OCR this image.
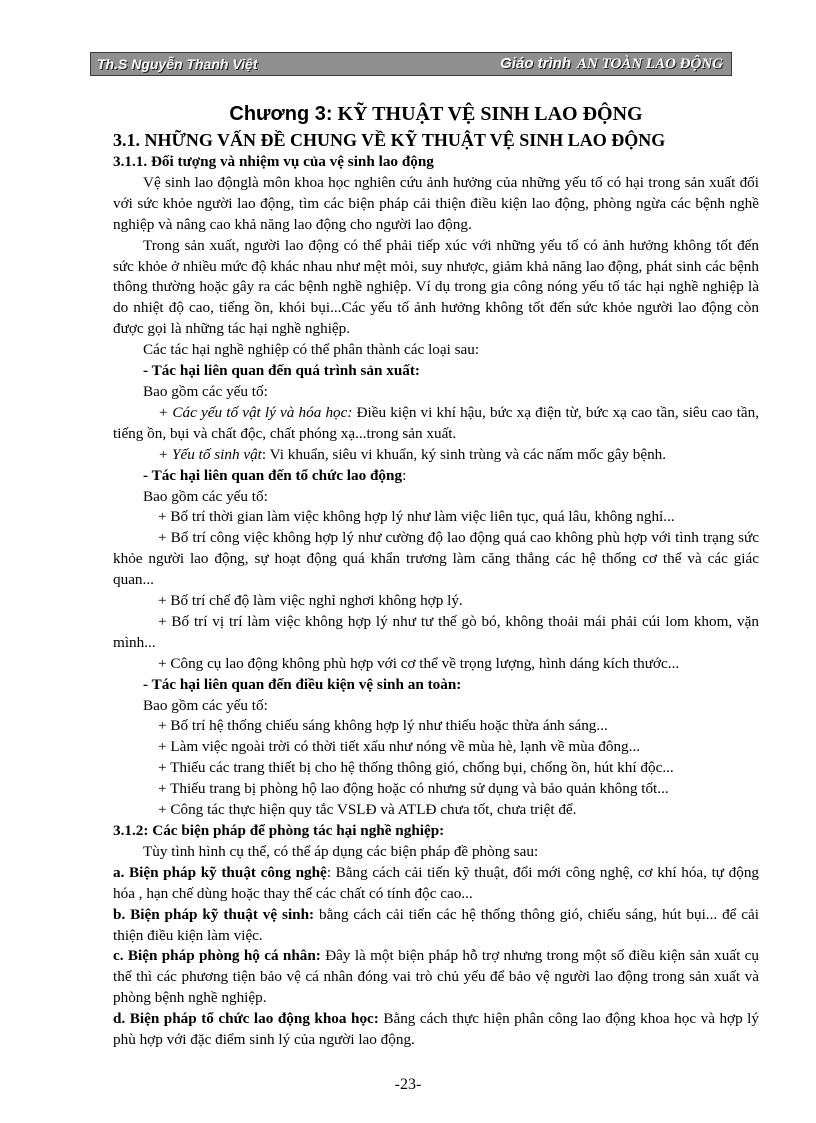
Th.S Nguyễn Thanh Việt	Giáo trình AN TOÀN LAO ĐỘNG
Chương 3: KỸ THUẬT VỆ SINH LAO ĐỘNG
3.1. NHỮNG VẤN ĐỀ CHUNG VỀ KỸ THUẬT VỆ SINH LAO ĐỘNG
3.1.1. Đối tượng và nhiệm vụ của vệ sinh lao động

Vệ sinh lao độnglà môn khoa học nghiên cứu ảnh hưởng của những yếu tố có hại trong sản xuất đối với sức khỏe người lao động, tìm các biện pháp cải thiện điều kiện lao động, phòng ngừa các bệnh nghề nghiệp và nâng cao khả năng lao động cho người lao động.

Trong sản xuất, người lao động có thể phải tiếp xúc với những yếu tố có ảnh hưởng không tốt đến sức khỏe ở nhiều mức độ khác nhau như mệt mỏi, suy nhược, giảm khả năng lao động, phát sinh các bệnh thông thường hoặc gây ra các bệnh nghề nghiệp. Ví dụ trong gia công nóng yếu tố tác hại nghề nghiệp là do nhiệt độ cao, tiếng ồn, khói bụi...Các yếu tố ảnh hưởng không tốt đến sức khỏe người lao động còn được gọi là những tác hại nghề nghiệp.

Các tác hại nghề nghiệp có thể phân thành các loại sau:

- Tác hại liên quan đến quá trình sản xuất:

Bao gồm các yếu tố:

+ Các yếu tố vật lý và hóa học: Điều kiện vi khí hậu, bức xạ điện từ, bức xạ cao tần, siêu cao tần, tiếng ồn, bụi và chất độc, chất phóng xạ...trong sản xuất.

+ Yếu tố sinh vật: Vi khuẩn, siêu vi khuẩn, ký sinh trùng và các nấm mốc gây bệnh.

- Tác hại liên quan đến tổ chức lao động:

Bao gồm các yếu tố:

+ Bố trí thời gian làm việc không hợp lý như làm việc liên tục, quá lâu, không nghỉ...

+ Bố trí công việc không hợp lý như cường độ lao động quá cao không phù hợp với tình trạng sức khỏe người lao động, sự hoạt động quá khẩn trương làm căng thẳng các hệ thống cơ thể và các giác quan...

+ Bố trí chế độ làm việc nghỉ nghơi không hợp lý.

+ Bố trí vị trí làm việc không hợp lý như tư thế gò bó, không thoải mái phải cúi lom khom, vặn mình...

+ Công cụ lao động không phù hợp với cơ thể về trọng lượng, hình dáng kích thước...

- Tác hại liên quan đến điều kiện vệ sinh an toàn:

Bao gồm các yếu tố:

+ Bố trí hệ thống chiếu sáng không hợp lý như thiếu hoặc thừa ánh sáng...

+ Làm việc ngoài trời có thời tiết xấu như nóng về mùa hè, lạnh về mùa đông...

+ Thiếu các trang thiết bị cho hệ thống thông gió, chống bụi, chống ồn, hút khí độc...

+ Thiếu trang bị phòng hộ lao động hoặc có nhưng sử dụng và bảo quản không tốt...

+ Công tác thực hiện quy tắc VSLĐ và ATLĐ chưa tốt, chưa triệt để.

3.1.2: Các biện pháp để phòng tác hại nghề nghiệp:

Tùy tình hình cụ thể, có thể áp dụng các biện pháp đề phòng sau:

a. Biện pháp kỹ thuật công nghệ: Bằng cách cải tiến kỹ thuật, đổi mới công nghệ, cơ khí hóa, tự động hóa , hạn chế dùng hoặc thay thế các chất có tính độc cao...

b. Biện pháp kỹ thuật vệ sinh: bằng cách cải tiến các hệ thống thông gió, chiếu sáng, hút bụi... để cải thiện điều kiện làm việc.

c. Biện pháp phòng hộ cá nhân: Đây là một biện pháp hỗ trợ nhưng trong một số điều kiện sản xuất cụ thể thì các phương tiện bảo vệ cá nhân đóng vai trò chủ yếu để bảo vệ người lao động trong sản xuất và phòng bệnh nghề nghiệp.

d. Biện pháp tổ chức lao động khoa học: Bằng cách thực hiện phân công lao động khoa học và hợp lý phù hợp với đặc điểm sinh lý của người lao động.

-23-
